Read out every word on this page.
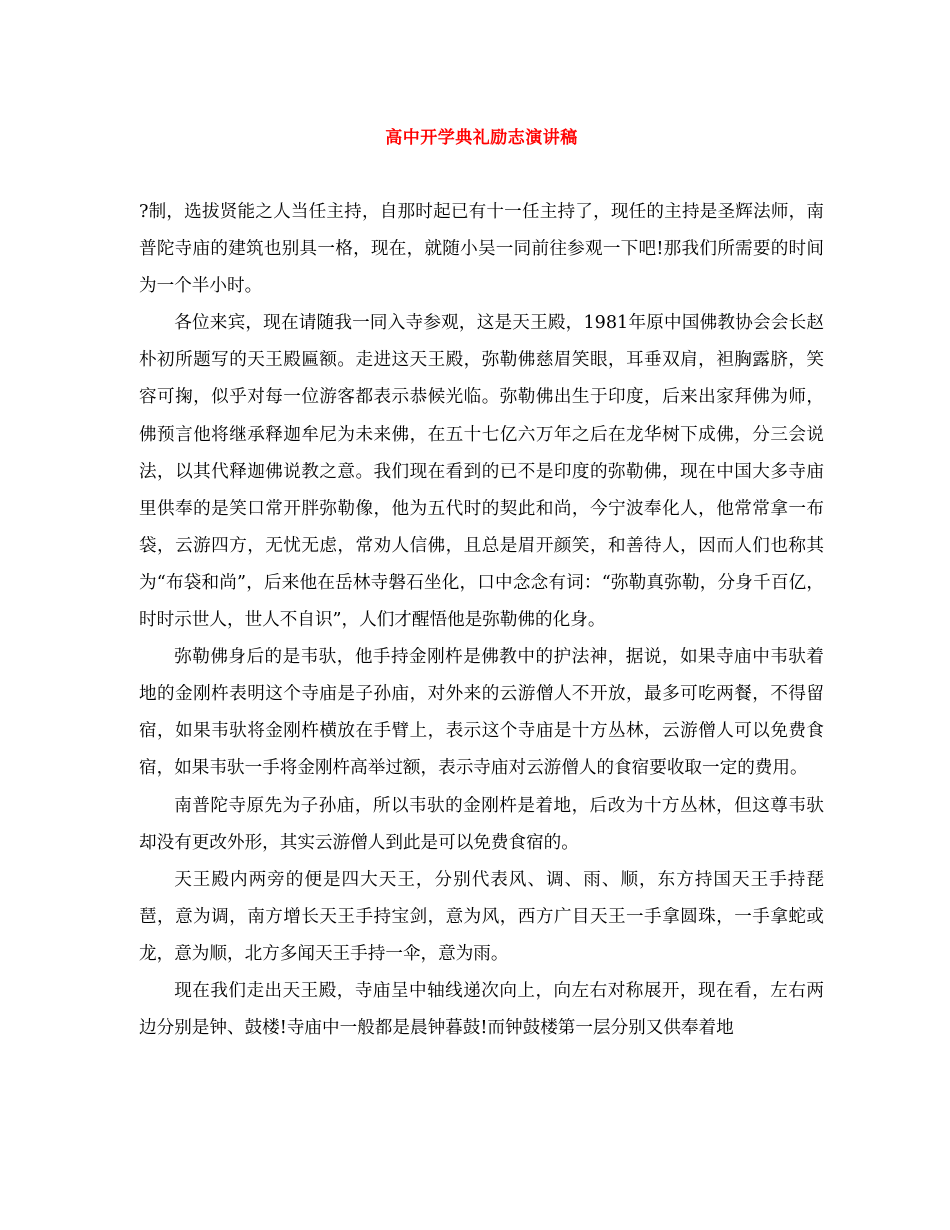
高中开学典礼励志演讲稿

?制，选拔贤能之人当任主持，自那时起已有十一任主持了，现任的主持是圣辉法师，南普陀寺庙的建筑也别具一格，现在，就随小吴一同前往参观一下吧!那我们所需要的时间为一个半小时。

各位来宾，现在请随我一同入寺参观，这是天王殿，1981年原中国佛教协会会长赵朴初所题写的天王殿匾额。走进这天王殿，弥勒佛慈眉笑眼，耳垂双肩，袒胸露脐，笑容可掬，似乎对每一位游客都表示恭候光临。弥勒佛出生于印度，后来出家拜佛为师，佛预言他将继承释迦牟尼为未来佛，在五十七亿六万年之后在龙华树下成佛，分三会说法，以其代释迦佛说教之意。我们现在看到的已不是印度的弥勒佛，现在中国大多寺庙里供奉的是笑口常开胖弥勒像，他为五代时的契此和尚，今宁波奉化人，他常常拿一布袋，云游四方，无忧无虑，常劝人信佛，且总是眉开颜笑，和善待人，因而人们也称其为“布袋和尚”，后来他在岳林寺磐石坐化，口中念念有词：“弥勒真弥勒，分身千百亿，时时示世人，世人不自识”，人们才醒悟他是弥勒佛的化身。

弥勒佛身后的是韦驮，他手持金刚杵是佛教中的护法神，据说，如果寺庙中韦驮着地的金刚杵表明这个寺庙是子孙庙，对外来的云游僧人不开放，最多可吃两餐，不得留宿，如果韦驮将金刚杵横放在手臂上，表示这个寺庙是十方丛林，云游僧人可以免费食宿，如果韦驮一手将金刚杵高举过额，表示寺庙对云游僧人的食宿要收取一定的费用。

南普陀寺原先为子孙庙，所以韦驮的金刚杵是着地，后改为十方丛林，但这尊韦驮却没有更改外形，其实云游僧人到此是可以免费食宿的。

天王殿内两旁的便是四大天王，分别代表风、调、雨、顺，东方持国天王手持琵琶，意为调，南方增长天王手持宝剑，意为风，西方广目天王一手拿圆珠，一手拿蛇或龙，意为顺，北方多闻天王手持一伞，意为雨。

现在我们走出天王殿，寺庙呈中轴线递次向上，向左右对称展开，现在看，左右两边分别是钟、鼓楼!寺庙中一般都是晨钟暮鼓!而钟鼓楼第一层分别又供奉着地
